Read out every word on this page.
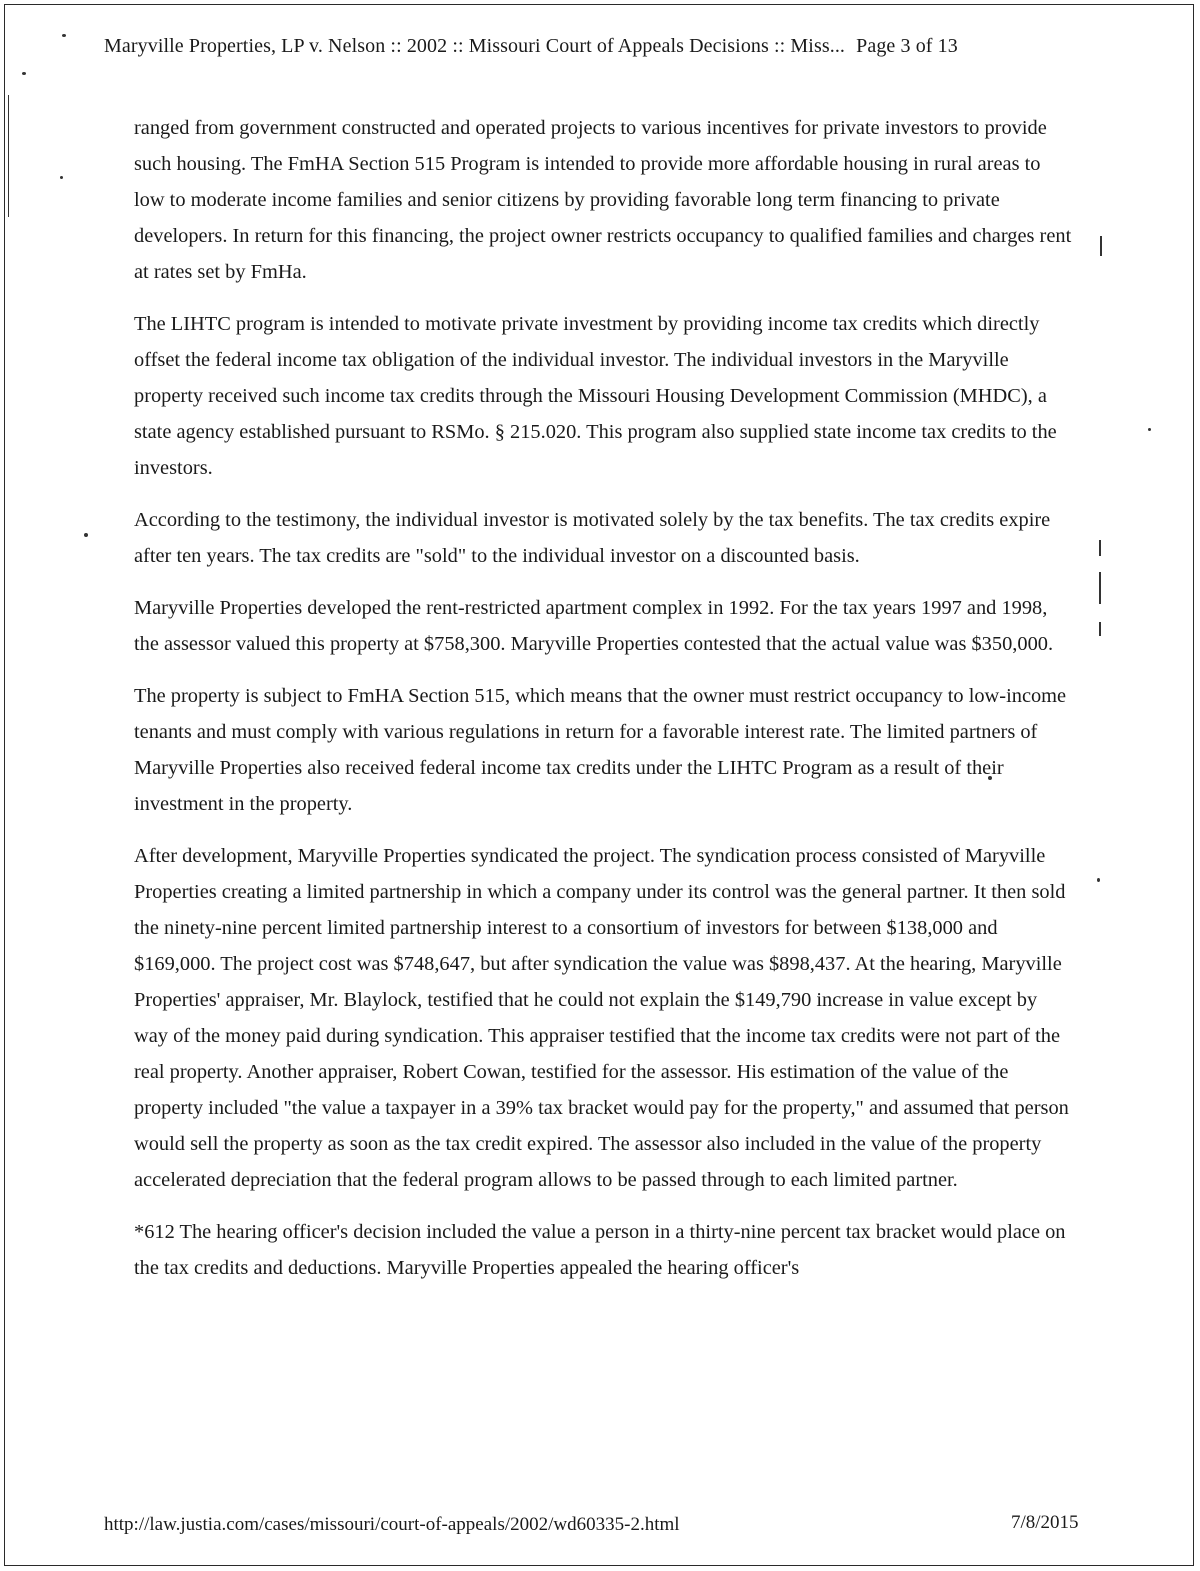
Maryville Properties, LP v. Nelson :: 2002 :: Missouri Court of Appeals Decisions :: Miss... Page 3 of 13

ranged from government constructed and operated projects to various incentives for private investors to provide such housing. The FmHA Section 515 Program is intended to provide more affordable housing in rural areas to low to moderate income families and senior citizens by providing favorable long term financing to private developers. In return for this financing, the project owner restricts occupancy to qualified families and charges rent at rates set by FmHa.

The LIHTC program is intended to motivate private investment by providing income tax credits which directly offset the federal income tax obligation of the individual investor. The individual investors in the Maryville property received such income tax credits through the Missouri Housing Development Commission (MHDC), a state agency established pursuant to RSMo. § 215.020. This program also supplied state income tax credits to the investors.

According to the testimony, the individual investor is motivated solely by the tax benefits. The tax credits expire after ten years. The tax credits are "sold" to the individual investor on a discounted basis.

Maryville Properties developed the rent-restricted apartment complex in 1992. For the tax years 1997 and 1998, the assessor valued this property at $758,300. Maryville Properties contested that the actual value was $350,000.

The property is subject to FmHA Section 515, which means that the owner must restrict occupancy to low-income tenants and must comply with various regulations in return for a favorable interest rate. The limited partners of Maryville Properties also received federal income tax credits under the LIHTC Program as a result of their investment in the property.

After development, Maryville Properties syndicated the project. The syndication process consisted of Maryville Properties creating a limited partnership in which a company under its control was the general partner. It then sold the ninety-nine percent limited partnership interest to a consortium of investors for between $138,000 and $169,000. The project cost was $748,647, but after syndication the value was $898,437. At the hearing, Maryville Properties' appraiser, Mr. Blaylock, testified that he could not explain the $149,790 increase in value except by way of the money paid during syndication. This appraiser testified that the income tax credits were not part of the real property. Another appraiser, Robert Cowan, testified for the assessor. His estimation of the value of the property included "the value a taxpayer in a 39% tax bracket would pay for the property," and assumed that person would sell the property as soon as the tax credit expired. The assessor also included in the value of the property accelerated depreciation that the federal program allows to be passed through to each limited partner.

*612 The hearing officer's decision included the value a person in a thirty-nine percent tax bracket would place on the tax credits and deductions. Maryville Properties appealed the hearing officer's

http://law.justia.com/cases/missouri/court-of-appeals/2002/wd60335-2.html	7/8/2015
